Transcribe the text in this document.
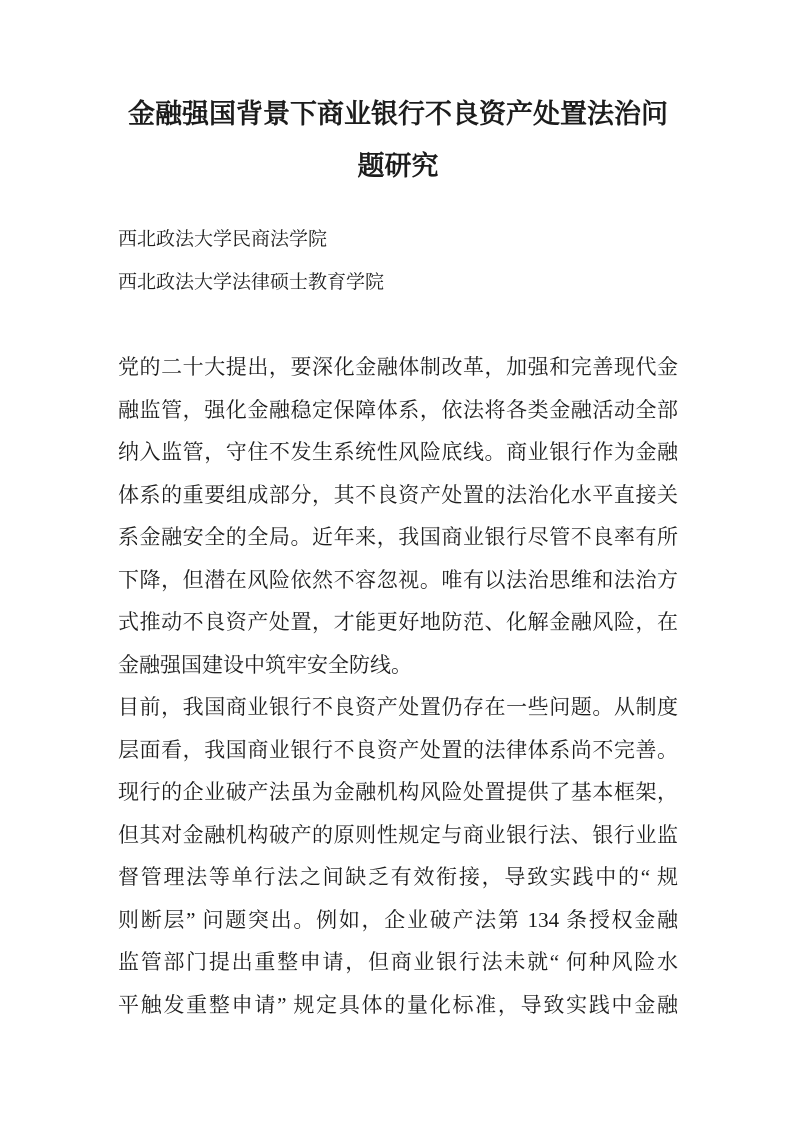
金融强国背景下商业银行不良资产处置法治问
题研究
西北政法大学民商法学院
西北政法大学法律硕士教育学院
党的二十大提出，要深化金融体制改革，加强和完善现代金
融监管，强化金融稳定保障体系，依法将各类金融活动全部
纳入监管，守住不发生系统性风险底线。商业银行作为金融
体系的重要组成部分，其不良资产处置的法治化水平直接关
系金融安全的全局。近年来，我国商业银行尽管不良率有所
下降，但潜在风险依然不容忽视。唯有以法治思维和法治方
式推动不良资产处置，才能更好地防范、化解金融风险，在
金融强国建设中筑牢安全防线。
目前，我国商业银行不良资产处置仍存在一些问题。从制度
层面看，我国商业银行不良资产处置的法律体系尚不完善。
现行的企业破产法虽为金融机构风险处置提供了基本框架，
但其对金融机构破产的原则性规定与商业银行法、银行业监
督管理法等单行法之间缺乏有效衔接，导致实践中的“ 规
则断层” 问题突出。例如，企业破产法第 134 条授权金融
监管部门提出重整申请，但商业银行法未就“ 何种风险水
平触发重整申请” 规定具体的量化标准，导致实践中金融
